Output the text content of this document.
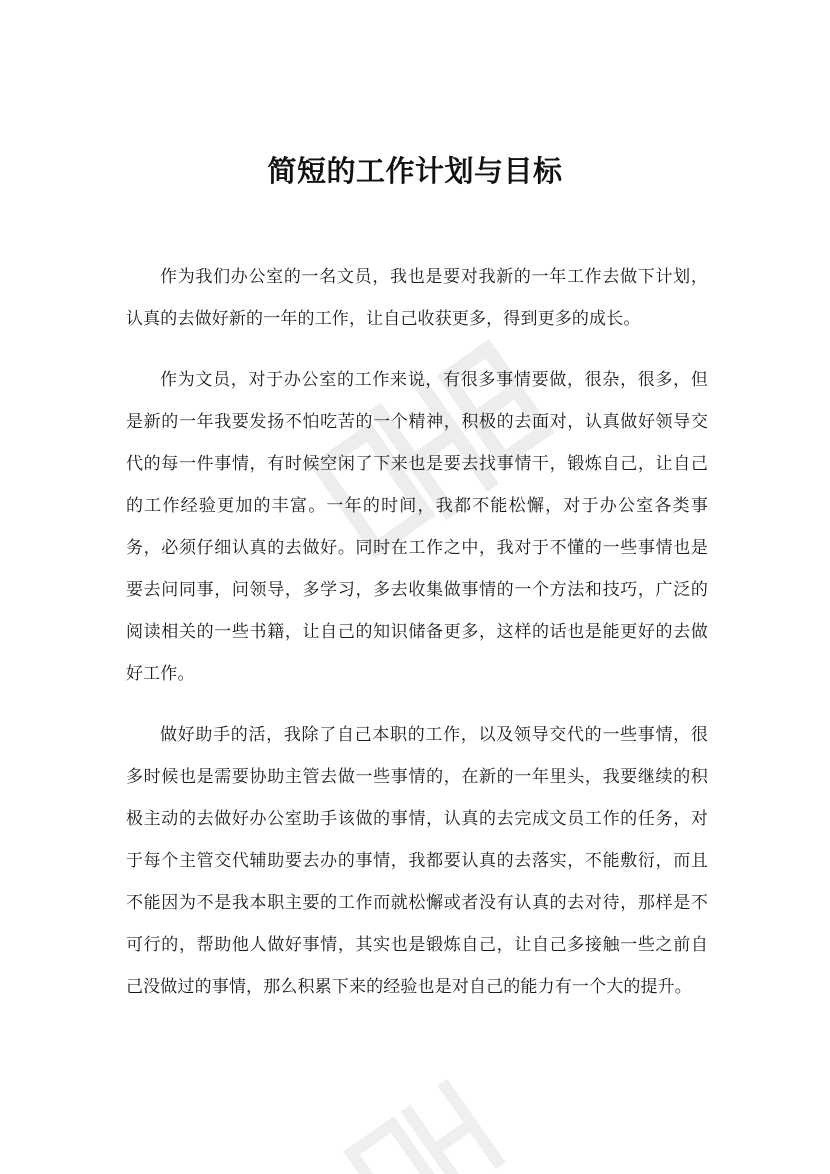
简短的工作计划与目标

作为我们办公室的一名文员，我也是要对我新的一年工作去做下计划，认真的去做好新的一年的工作，让自己收获更多，得到更多的成长。

作为文员，对于办公室的工作来说，有很多事情要做，很杂，很多，但是新的一年我要发扬不怕吃苦的一个精神，积极的去面对，认真做好领导交代的每一件事情，有时候空闲了下来也是要去找事情干，锻炼自己，让自己的工作经验更加的丰富。一年的时间，我都不能松懈，对于办公室各类事务，必须仔细认真的去做好。同时在工作之中，我对于不懂的一些事情也是要去问同事，问领导，多学习，多去收集做事情的一个方法和技巧，广泛的阅读相关的一些书籍，让自己的知识储备更多，这样的话也是能更好的去做好工作。

做好助手的活，我除了自己本职的工作，以及领导交代的一些事情，很多时候也是需要协助主管去做一些事情的，在新的一年里头，我要继续的积极主动的去做好办公室助手该做的事情，认真的去完成文员工作的任务，对于每个主管交代辅助要去办的事情，我都要认真的去落实，不能敷衍，而且不能因为不是我本职主要的工作而就松懈或者没有认真的去对待，那样是不可行的，帮助他人做好事情，其实也是锻炼自己，让自己多接触一些之前自己没做过的事情，那么积累下来的经验也是对自己的能力有一个大的提升。
